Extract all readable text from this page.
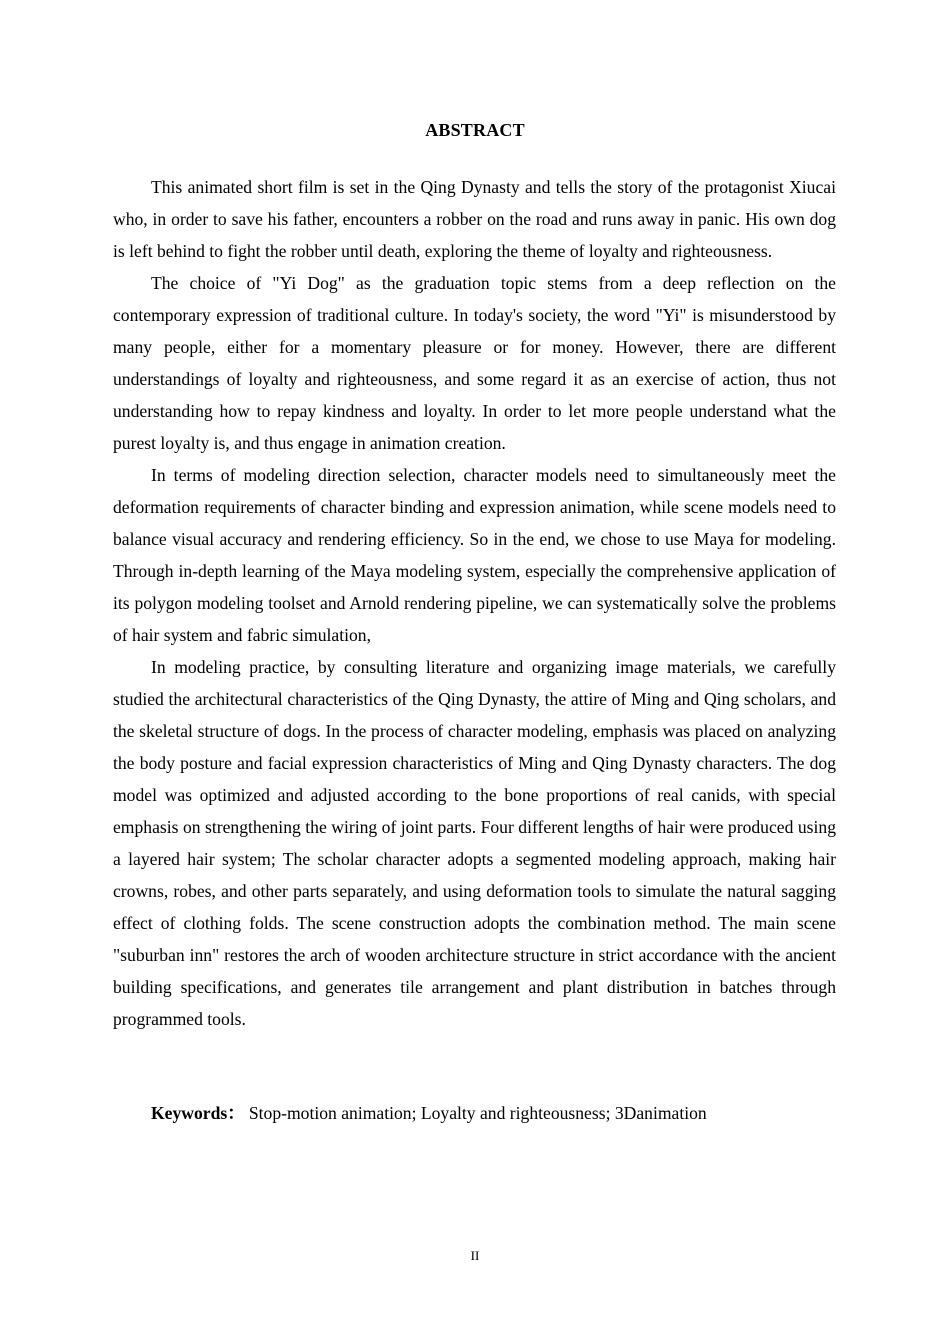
ABSTRACT

This animated short film is set in the Qing Dynasty and tells the story of the protagonist Xiucai who, in order to save his father, encounters a robber on the road and runs away in panic. His own dog is left behind to fight the robber until death, exploring the theme of loyalty and righteousness.

The choice of "Yi Dog" as the graduation topic stems from a deep reflection on the contemporary expression of traditional culture. In today's society, the word "Yi" is misunderstood by many people, either for a momentary pleasure or for money. However, there are different understandings of loyalty and righteousness, and some regard it as an exercise of action, thus not understanding how to repay kindness and loyalty. In order to let more people understand what the purest loyalty is, and thus engage in animation creation.

In terms of modeling direction selection, character models need to simultaneously meet the deformation requirements of character binding and expression animation, while scene models need to balance visual accuracy and rendering efficiency. So in the end, we chose to use Maya for modeling. Through in-depth learning of the Maya modeling system, especially the comprehensive application of its polygon modeling toolset and Arnold rendering pipeline, we can systematically solve the problems of hair system and fabric simulation,

In modeling practice, by consulting literature and organizing image materials, we carefully studied the architectural characteristics of the Qing Dynasty, the attire of Ming and Qing scholars, and the skeletal structure of dogs. In the process of character modeling, emphasis was placed on analyzing the body posture and facial expression characteristics of Ming and Qing Dynasty characters. The dog model was optimized and adjusted according to the bone proportions of real canids, with special emphasis on strengthening the wiring of joint parts. Four different lengths of hair were produced using a layered hair system; The scholar character adopts a segmented modeling approach, making hair crowns, robes, and other parts separately, and using deformation tools to simulate the natural sagging effect of clothing folds. The scene construction adopts the combination method. The main scene "suburban inn" restores the arch of wooden architecture structure in strict accordance with the ancient building specifications, and generates tile arrangement and plant distribution in batches through programmed tools.

Keywords： Stop-motion animation; Loyalty and righteousness; 3Danimation
II
